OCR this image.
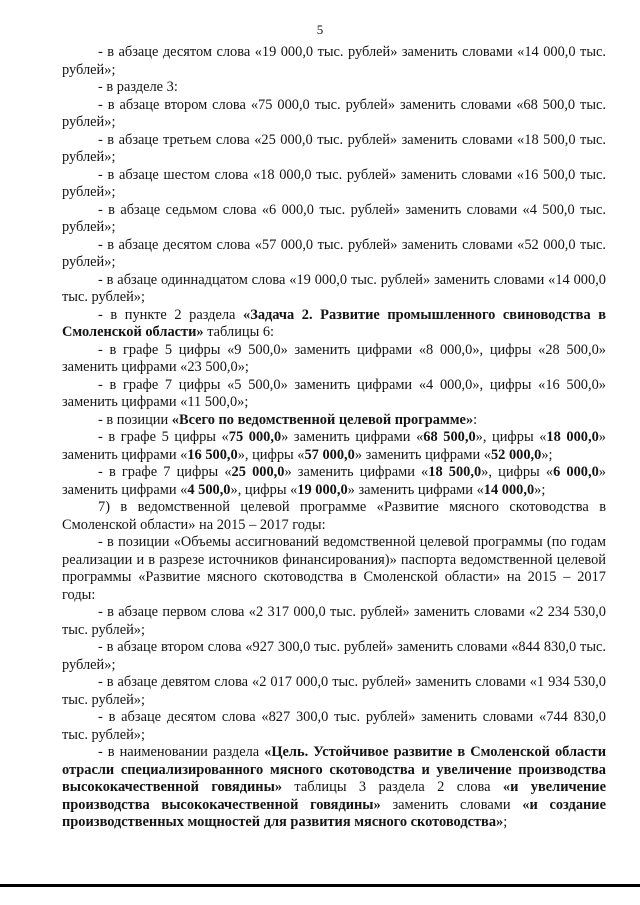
5

- в абзаце десятом слова «19 000,0 тыс. рублей» заменить словами «14 000,0 тыс. рублей»;

- в разделе 3:

- в абзаце втором слова «75 000,0 тыс. рублей» заменить словами «68 500,0 тыс. рублей»;

- в абзаце третьем слова «25 000,0 тыс. рублей» заменить словами «18 500,0 тыс. рублей»;

- в абзаце шестом слова «18 000,0 тыс. рублей» заменить словами «16 500,0 тыс. рублей»;

- в абзаце седьмом слова «6 000,0 тыс. рублей» заменить словами «4 500,0 тыс. рублей»;

- в абзаце десятом слова «57 000,0 тыс. рублей» заменить словами «52 000,0 тыс. рублей»;

- в абзаце одиннадцатом слова «19 000,0 тыс. рублей» заменить словами «14 000,0 тыс. рублей»;

- в пункте 2 раздела «Задача 2. Развитие промышленного свиноводства в Смоленской области» таблицы 6:

- в графе 5 цифры «9 500,0» заменить цифрами «8 000,0», цифры «28 500,0» заменить цифрами «23 500,0»;

- в графе 7 цифры «5 500,0» заменить цифрами «4 000,0», цифры «16 500,0» заменить цифрами «11 500,0»;

- в позиции «Всего по ведомственной целевой программе»:

- в графе 5 цифры «75 000,0» заменить цифрами «68 500,0», цифры «18 000,0» заменить цифрами «16 500,0», цифры «57 000,0» заменить цифрами «52 000,0»;

- в графе 7 цифры «25 000,0» заменить цифрами «18 500,0», цифры «6 000,0» заменить цифрами «4 500,0», цифры «19 000,0» заменить цифрами «14 000,0»;

7) в ведомственной целевой программе «Развитие мясного скотоводства в Смоленской области» на 2015 – 2017 годы:

- в позиции «Объемы ассигнований ведомственной целевой программы (по годам реализации и в разрезе источников финансирования)» паспорта ведомственной целевой программы «Развитие мясного скотоводства в Смоленской области» на 2015 – 2017 годы:

- в абзаце первом слова «2 317 000,0 тыс. рублей» заменить словами «2 234 530,0 тыс. рублей»;

- в абзаце втором слова «927 300,0 тыс. рублей» заменить словами «844 830,0 тыс. рублей»;

- в абзаце девятом слова «2 017 000,0 тыс. рублей» заменить словами «1 934 530,0 тыс. рублей»;

- в абзаце десятом слова «827 300,0 тыс. рублей» заменить словами «744 830,0 тыс. рублей»;

- в наименовании раздела «Цель. Устойчивое развитие в Смоленской области отрасли специализированного мясного скотоводства и увеличение производства высококачественной говядины» таблицы 3 раздела 2 слова «и увеличение производства высококачественной говядины» заменить словами «и создание производственных мощностей для развития мясного скотоводства»;
